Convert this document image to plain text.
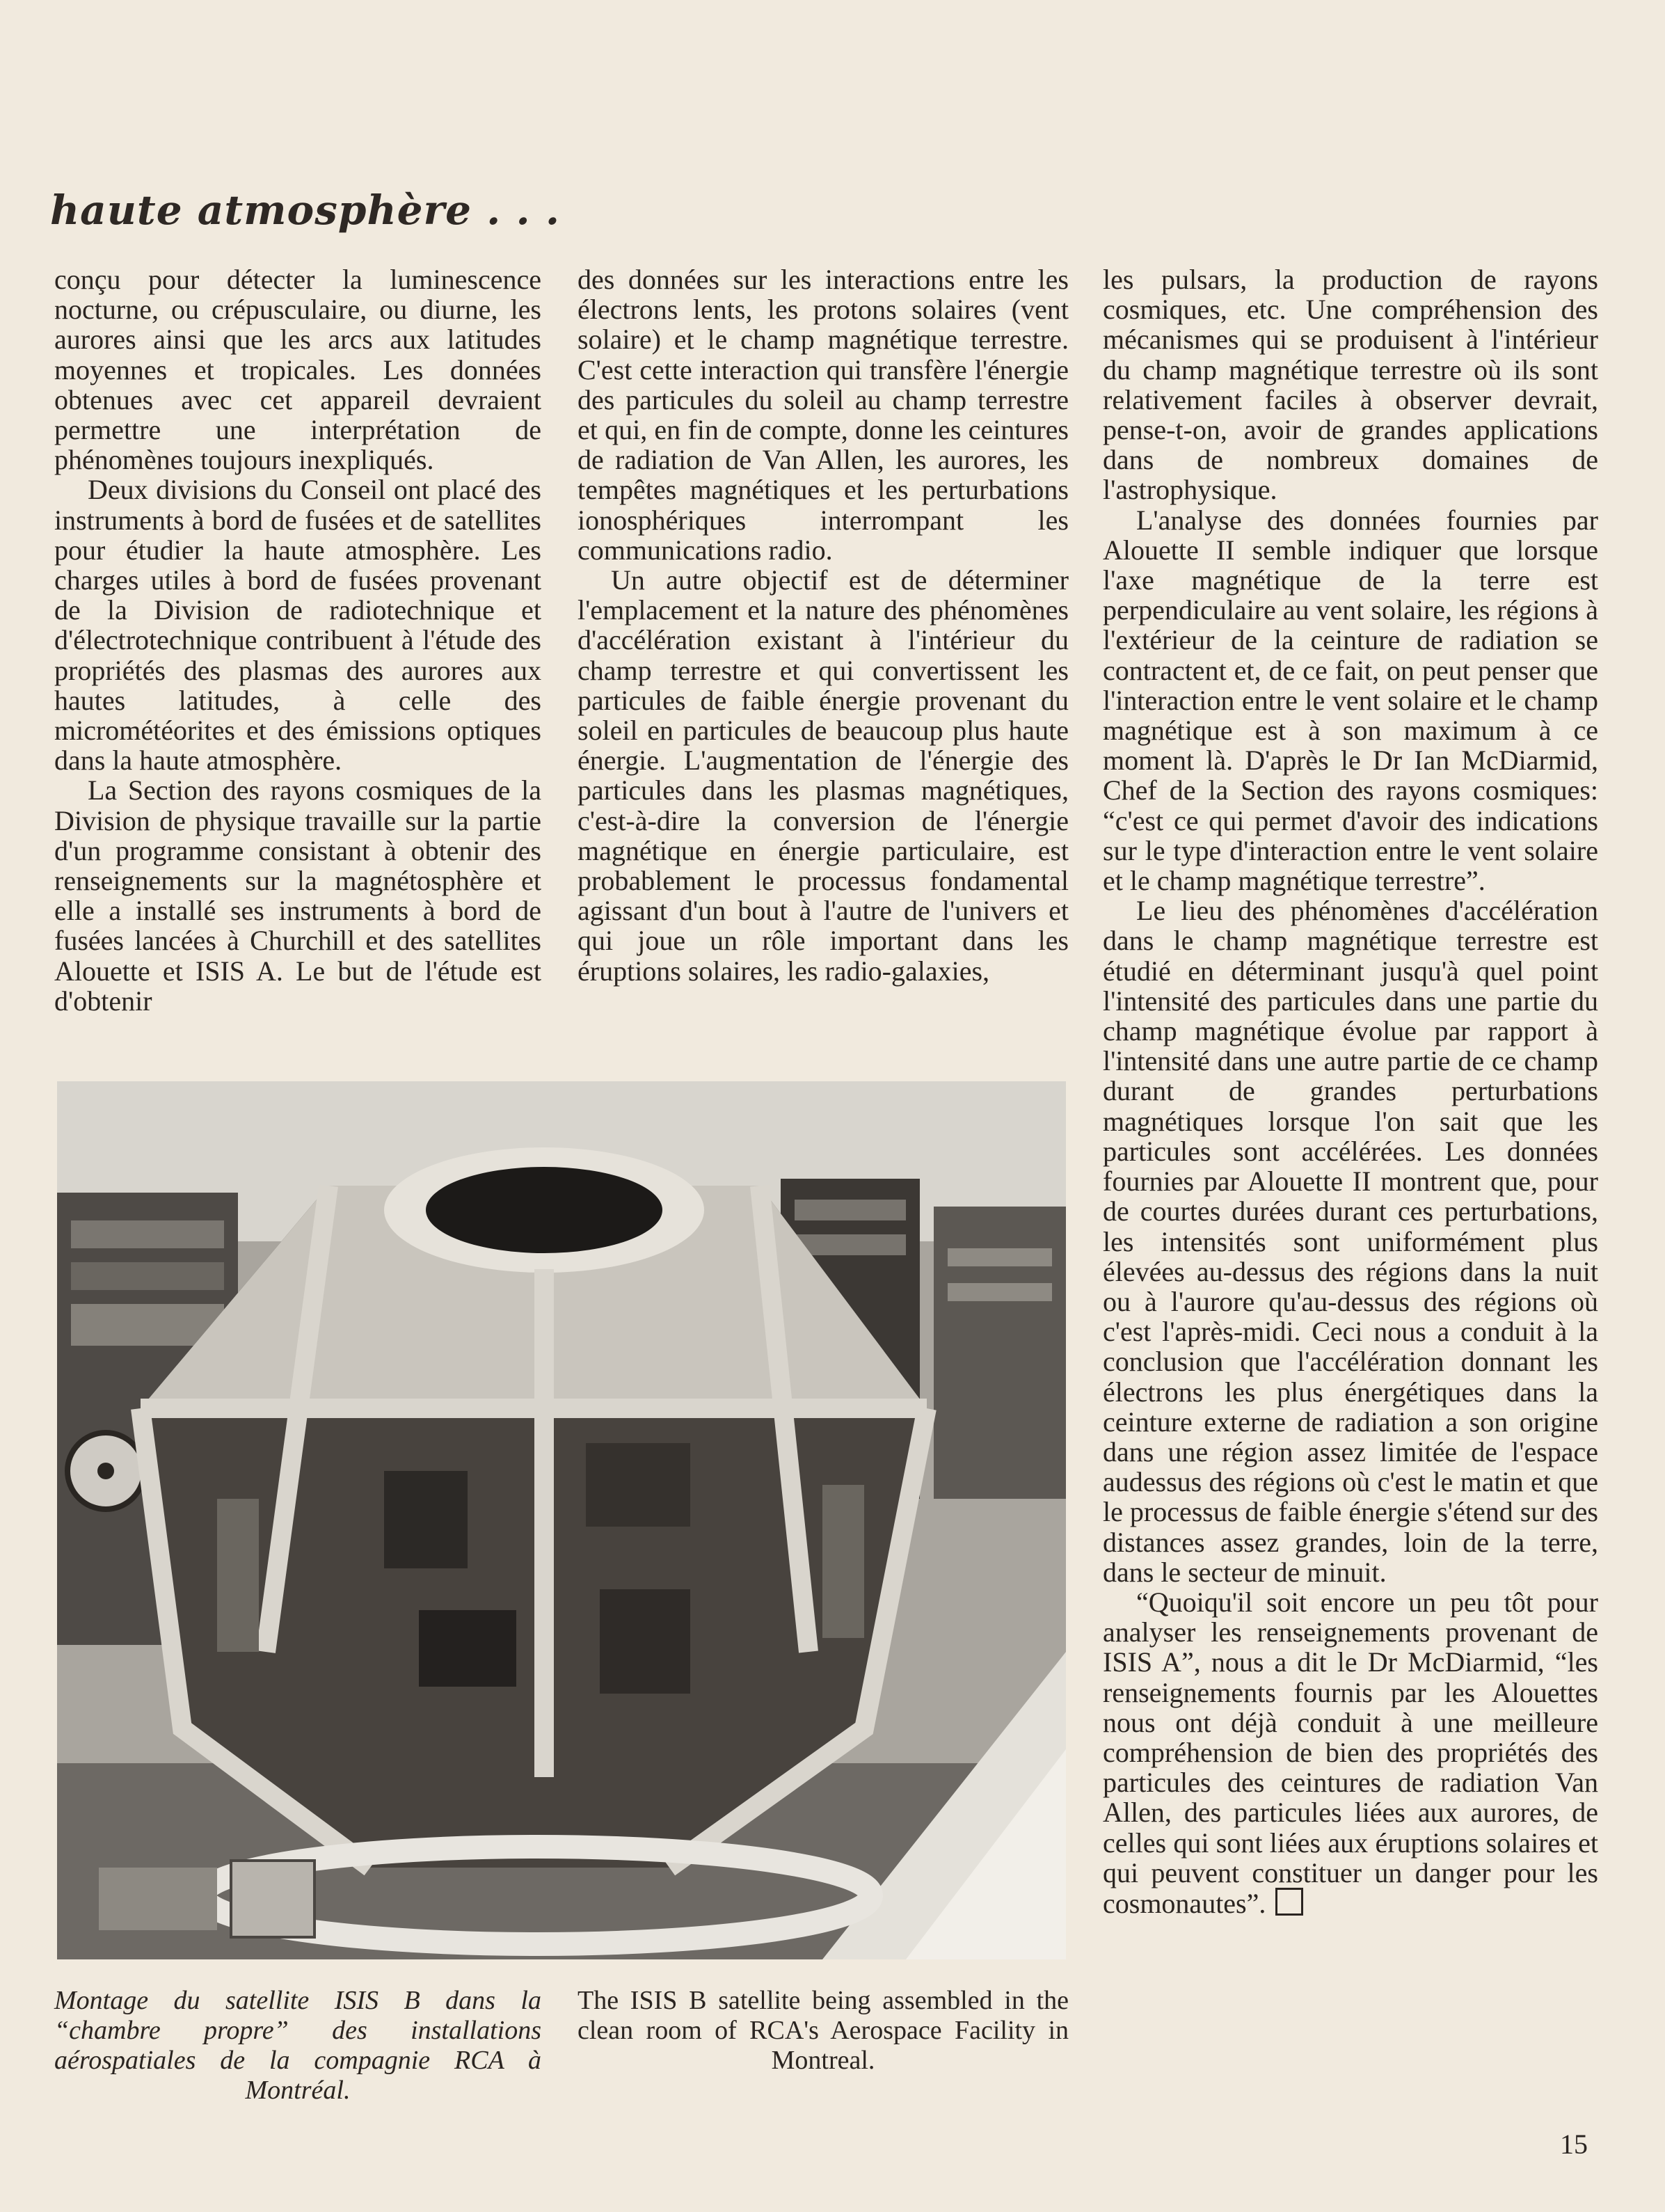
haute atmosphère . . .

conçu pour détecter la luminescence nocturne, ou crépusculaire, ou diurne, les aurores ainsi que les arcs aux latitudes moyennes et tropicales. Les données obtenues avec cet appareil devraient permettre une interprétation de phénomènes toujours inexpliqués.

Deux divisions du Conseil ont placé des instruments à bord de fusées et de satellites pour étudier la haute atmosphère. Les charges utiles à bord de fusées provenant de la Division de radiotechnique et d'électrotechnique contribuent à l'étude des propriétés des plasmas des aurores aux hautes latitudes, à celle des micrométéorites et des émissions optiques dans la haute atmosphère.

La Section des rayons cosmiques de la Division de physique travaille sur la partie d'un programme consistant à obtenir des renseignements sur la magnétosphère et elle a installé ses instruments à bord de fusées lancées à Churchill et des satellites Alouette et ISIS A. Le but de l'étude est d'obtenir

des données sur les interactions entre les électrons lents, les protons solaires (vent solaire) et le champ magnétique terrestre. C'est cette interaction qui transfère l'énergie des particules du soleil au champ terrestre et qui, en fin de compte, donne les ceintures de radiation de Van Allen, les aurores, les tempêtes magnétiques et les perturbations ionosphériques interrompant les communications radio.

Un autre objectif est de déterminer l'emplacement et la nature des phénomènes d'accélération existant à l'intérieur du champ terrestre et qui convertissent les particules de faible énergie provenant du soleil en particules de beaucoup plus haute énergie. L'augmentation de l'énergie des particules dans les plasmas magnétiques, c'est-à-dire la conversion de l'énergie magnétique en énergie particulaire, est probablement le processus fondamental agissant d'un bout à l'autre de l'univers et qui joue un rôle important dans les éruptions solaires, les radio-galaxies,

les pulsars, la production de rayons cosmiques, etc. Une compréhension des mécanismes qui se produisent à l'intérieur du champ magnétique terrestre où ils sont relativement faciles à observer devrait, pense-t-on, avoir de grandes applications dans de nombreux domaines de l'astrophysique.

L'analyse des données fournies par Alouette II semble indiquer que lorsque l'axe magnétique de la terre est perpendiculaire au vent solaire, les régions à l'extérieur de la ceinture de radiation se contractent et, de ce fait, on peut penser que l'interaction entre le vent solaire et le champ magnétique est à son maximum à ce moment là. D'après le Dr Ian McDiarmid, Chef de la Section des rayons cosmiques: “c'est ce qui permet d'avoir des indications sur le type d'interaction entre le vent solaire et le champ magnétique terrestre”.

Le lieu des phénomènes d'accélération dans le champ magnétique terrestre est étudié en déterminant jusqu'à quel point l'intensité des particules dans une partie du champ magnétique évolue par rapport à l'intensité dans une autre partie de ce champ durant de grandes perturbations magnétiques lorsque l'on sait que les particules sont accélérées. Les données fournies par Alouette II montrent que, pour de courtes durées durant ces perturbations, les intensités sont uniformément plus élevées au-dessus des régions dans la nuit ou à l'aurore qu'au-dessus des régions où c'est l'après-midi. Ceci nous a conduit à la conclusion que l'accélération donnant les électrons les plus énergétiques dans la ceinture externe de radiation a son origine dans une région assez limitée de l'espace audessus des régions où c'est le matin et que le processus de faible énergie s'étend sur des distances assez grandes, loin de la terre, dans le secteur de minuit.

“Quoiqu'il soit encore un peu tôt pour analyser les renseignements provenant de ISIS A”, nous a dit le Dr McDiarmid, “les renseignements fournis par les Alouettes nous ont déjà conduit à une meilleure compréhension de bien des propriétés des particules des ceintures de radiation Van Allen, des particules liées aux aurores, de celles qui sont liées aux éruptions solaires et qui peuvent constituer un danger pour les cosmonautes”.

Montage du satellite ISIS B dans la “chambre propre” des installations aérospatiales de la compagnie RCA à Montréal.

The ISIS B satellite being assembled in the clean room of RCA's Aerospace Facility in Montreal.

15
